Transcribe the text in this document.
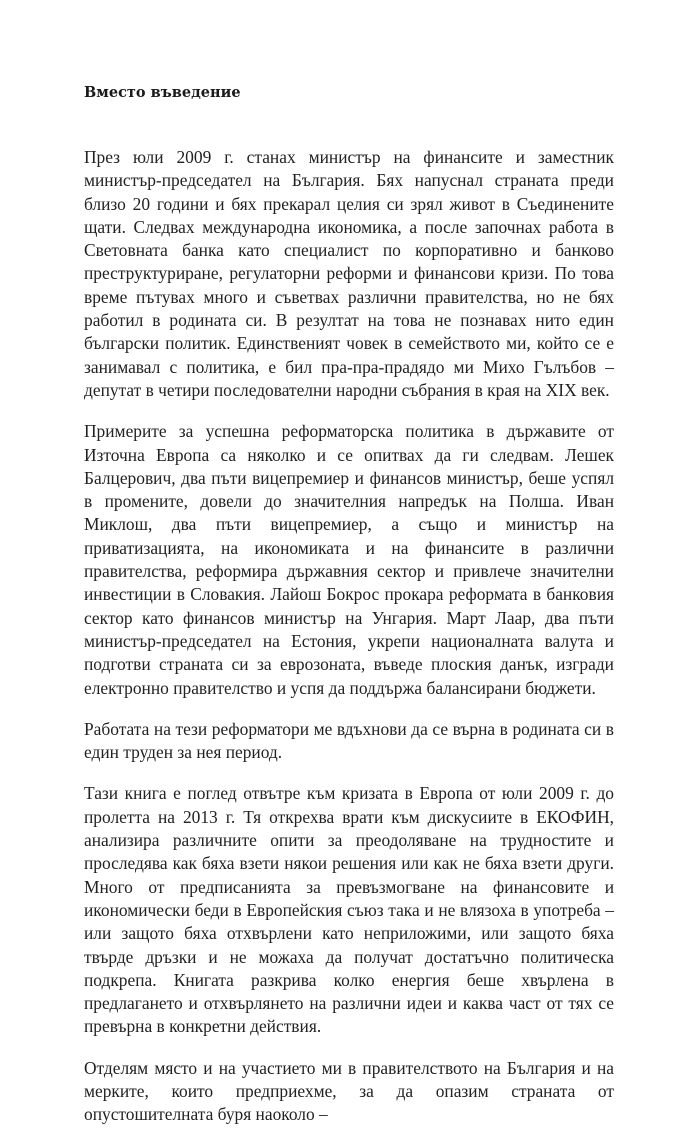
Вместо въведение

През юли 2009 г. станах министър на финансите и заместник министър-председател на България. Бях напуснал страната преди близо 20 години и бях прекарал целия си зрял живот в Съединените щати. Следвах международна икономика, а после започнах работа в Световната банка като специалист по корпоративно и банково преструктуриране, регулаторни реформи и финансови кризи. По това време пътувах много и съветвах различни правителства, но не бях работил в родината си. В резултат на това не познавах нито един български политик. Единственият човек в семейството ми, който се е занимавал с политика, е бил пра-пра-прадядо ми Михо Гълъбов – депутат в четири последователни народни събрания в края на XIX век.

Примерите за успешна реформаторска политика в държавите от Източна Европа са няколко и се опитвах да ги следвам. Лешек Балцерович, два пъти вицепремиер и финансов министър, беше успял в промените, довели до значителния напредък на Полша. Иван Миклош, два пъти вицепремиер, а също и министър на приватизацията, на икономиката и на финансите в различни правителства, реформира държавния сектор и привлече значителни инвестиции в Словакия. Лайош Бокрос прокара реформата в банковия сектор като финансов министър на Унгария. Март Лаар, два пъти министър-председател на Естония, укрепи националната валута и подготви страната си за еврозоната, въведе плоския данък, изгради електронно правителство и успя да поддържа балансирани бюджети.

Работата на тези реформатори ме вдъхнови да се върна в родината си в един труден за нея период.

Тази книга е поглед отвътре към кризата в Европа от юли 2009 г. до пролетта на 2013 г. Тя открехва врати към дискусиите в ЕКОФИН, анализира различните опити за преодоляване на трудностите и проследява как бяха взети някои решения или как не бяха взети други. Много от предписанията за превъзмогване на финансовите и икономически беди в Европейския съюз така и не влязоха в употреба – или защото бяха отхвърлени като неприложими, или защото бяха твърде дръзки и не можаха да получат достатъчно политическа подкрепа. Книгата разкрива колко енергия беше хвърлена в предлагането и отхвърлянето на различни идеи и каква част от тях се превърна в конкретни действия.

Отделям място и на участието ми в правителството на България и на мерките, които предприехме, за да опазим страната от опустошителната буря наоколо –
